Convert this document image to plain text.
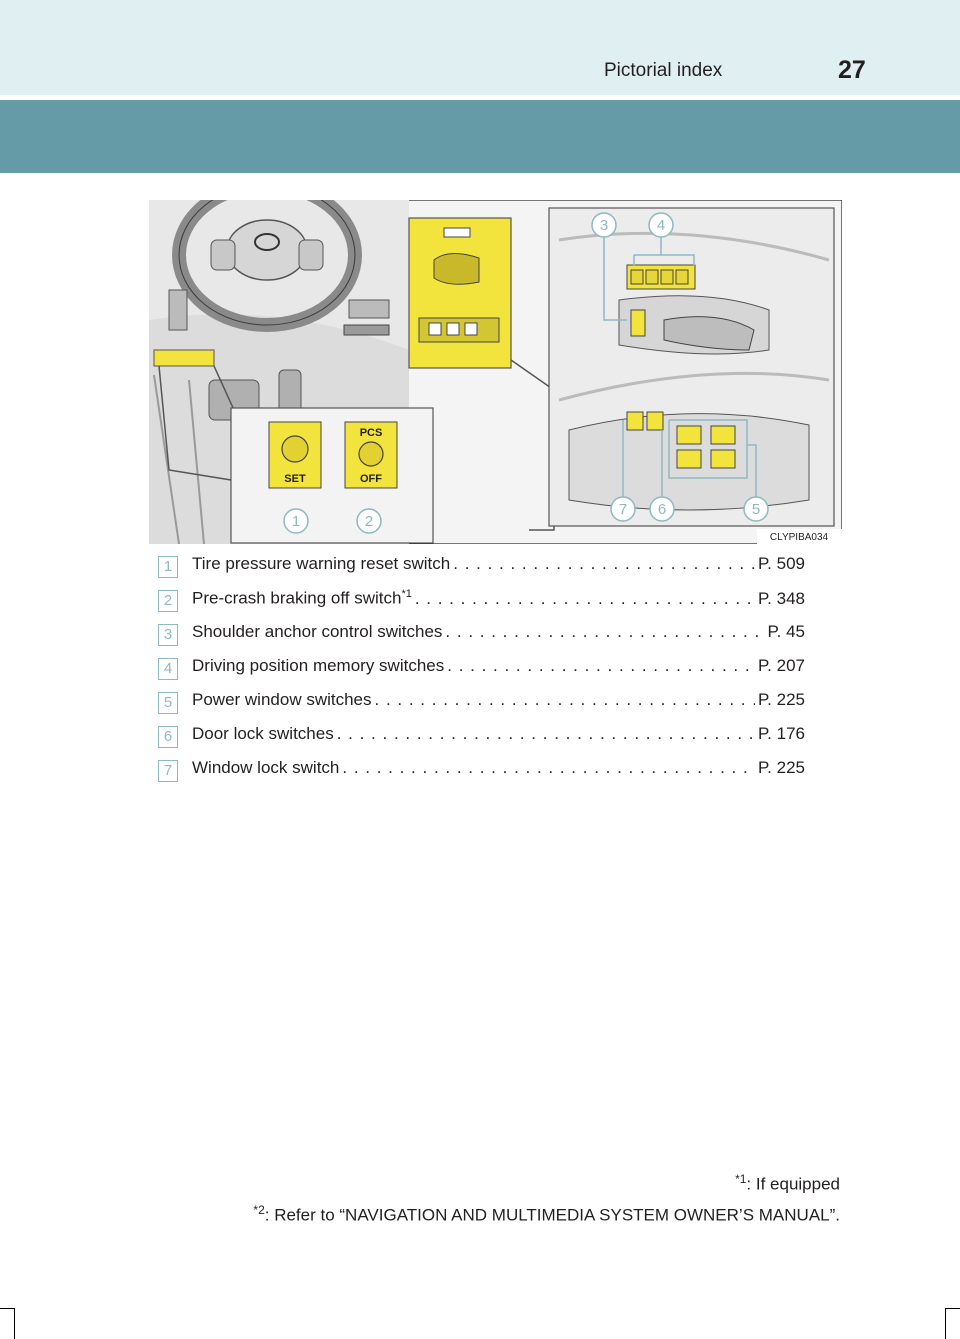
Pictorial index	27
SET
PCS
OFF
1	2
3	4
5
6
7
CLYPIBA034
1	Tire pressure warning reset switch . . .	P. 509
2	Pre-crash braking off switch$^{*1}$ . . .	P. 348
3	Shoulder anchor control switches . . .	P. 45
4	Driving position memory switches . . .	P. 207
5	Power window switches . . .	P. 225
6	Door lock switches . . .	P. 176
7	Window lock switch . . .	P. 225
$^{*1}$: If equipped
$^{*2}$: Refer to “NAVIGATION AND MULTIMEDIA SYSTEM OWNER’S MANUAL”.
